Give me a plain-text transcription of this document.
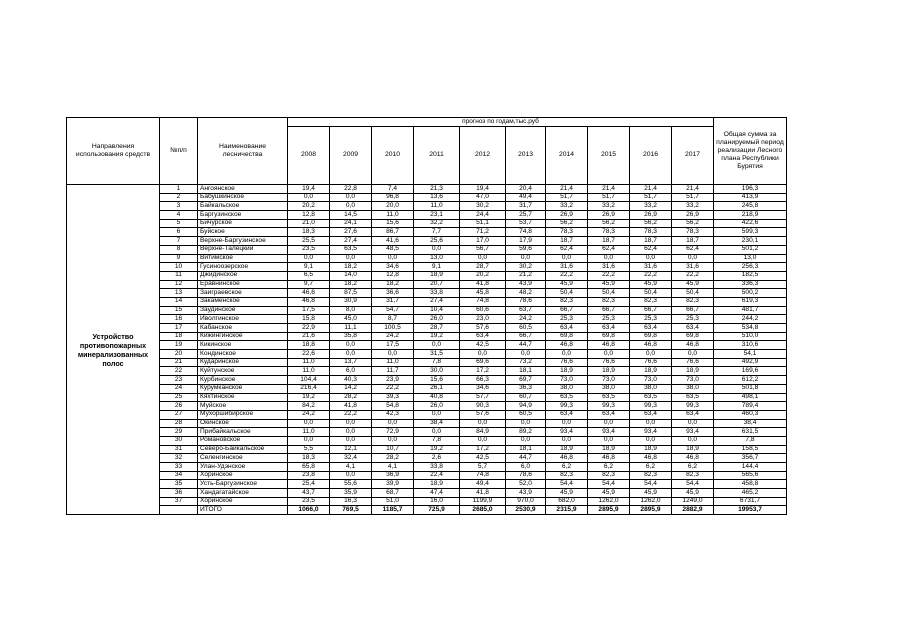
Направления использования средств	№п/п	Наименование лесничества	прогноз по годам,тыс.руб										Общая сумма за планируемый период реализации Лесного плана Республики Бурятия
			2008	2009	2010	2011	2012	2013	2014	2015	2016	2017	
Устройство противопожарных минерализованных полос	1	Ангоянское	19,4	22,8	7,4	21,3	19,4	20,4	21,4	21,4	21,4	21,4	196,3
	2	Бабушкинское	0,0	0,0	96,8	13,6	47,0	49,4	51,7	51,7	51,7	51,7	413,9
	3	Байкальское	20,2	0,0	20,0	11,0	30,2	31,7	33,2	33,2	33,2	33,2	245,8
	4	Баргузинское	12,8	14,5	11,0	23,1	24,4	25,7	26,9	26,9	26,9	26,9	218,9
	5	Бичурское	21,0	24,1	15,6	32,2	51,1	53,7	56,2	56,2	56,2	56,2	422,6
	6	Буйское	18,3	27,6	86,7	7,7	71,2	74,8	78,3	78,3	78,3	78,3	599,3
	7	Верхне-Баргузинское	25,5	27,4	41,6	25,6	17,0	17,9	18,7	18,7	18,7	18,7	230,1
	8	Верхне-Талецкий	23,5	63,5	48,5	0,0	56,7	59,6	62,4	62,4	62,4	62,4	501,2
	9	Витимское	0,0	0,0	0,0	13,0	0,0	0,0	0,0	0,0	0,0	0,0	13,0
	10	Гусиноозерское	9,1	18,2	34,6	9,1	28,7	30,2	31,6	31,6	31,6	31,6	256,3
	11	Джидинское	6,5	14,0	12,8	18,9	20,2	21,2	22,2	22,2	22,2	22,2	182,5
	12	Еравнинское	9,7	18,2	18,2	20,7	41,8	43,9	45,9	45,9	45,9	45,9	336,3
	13	Заиграевское	46,6	87,5	36,6	33,8	45,8	48,2	50,4	50,4	50,4	50,4	500,2
	14	Закаменское	46,8	30,9	31,7	27,4	74,8	78,6	82,3	82,3	82,3	82,3	619,3
	15	Заудинское	17,5	8,0	54,7	10,4	60,6	63,7	66,7	66,7	66,7	66,7	481,7
	16	Иволгинское	15,8	45,0	8,7	26,0	23,0	24,2	25,3	25,3	25,3	25,3	244,2
	17	Кабанское	22,9	11,1	100,5	28,7	57,6	60,5	63,4	63,4	63,4	63,4	534,8
	18	Кижингинское	21,6	35,8	24,2	19,2	63,4	66,7	69,8	69,8	69,8	69,8	510,0
	19	Кикинское	18,8	0,0	17,5	0,0	42,5	44,7	46,8	46,8	46,8	46,8	310,6
	20	Кондинское	22,6	0,0	0,0	31,5	0,0	0,0	0,0	0,0	0,0	0,0	54,1
	21	Кударинское	11,0	13,7	11,0	7,8	69,6	73,2	76,6	76,6	76,6	76,6	492,9
	22	Куйтунское	11,0	6,0	11,7	30,0	17,2	18,1	18,9	18,9	18,9	18,9	169,6
	23	Курбинское	104,4	40,3	23,9	15,6	66,3	69,7	73,0	73,0	73,0	73,0	612,2
	24	Курумканское	216,4	14,2	22,2	26,1	34,6	36,3	38,0	38,0	38,0	38,0	501,8
	25	Кяхтинское	19,2	28,2	39,3	40,8	57,7	60,7	63,5	63,5	63,5	63,5	498,1
	26	Муйское	84,2	41,8	54,8	26,0	90,3	94,9	99,3	99,3	99,3	99,3	789,4
	27	Мухоршибирское	24,2	22,2	42,3	0,0	57,6	60,5	63,4	63,4	63,4	63,4	460,3
	28	Окинское	0,0	0,0	0,0	38,4	0,0	0,0	0,0	0,0	0,0	0,0	38,4
	29	Прибайкальское	11,0	0,0	72,9	0,0	84,9	89,2	93,4	93,4	93,4	93,4	631,5
	30	Романовское	0,0	0,0	0,0	7,8	0,0	0,0	0,0	0,0	0,0	0,0	7,8
	31	Северо-Байкальское	5,5	12,1	10,7	19,2	17,2	18,1	18,9	18,9	18,9	18,9	158,5
	32	Селенгинское	18,3	32,4	28,2	2,6	42,5	44,7	46,8	46,8	46,8	46,8	356,7
	33	Улан-Удэнское	65,8	4,1	4,1	33,8	5,7	6,0	6,2	6,2	6,2	6,2	144,4
	34	Хоринское	23,8	0,0	36,9	22,4	74,8	78,6	82,3	82,3	82,3	82,3	565,6
	35	Усть-Баргузинское	25,4	55,6	39,9	18,9	49,4	52,0	54,4	54,4	54,4	54,4	458,8
	36	Хандагатайское	43,7	35,9	68,7	47,4	41,8	43,9	45,9	45,9	45,9	45,9	465,2
	37	Хоринское	23,5	16,3	51,0	16,0	1199,9	970,0	682,0	1262,0	1262,0	1249,0	6731,7
		ИТОГО	1066,0	769,5	1185,7	725,9	2685,0	2530,9	2315,9	2895,9	2895,9	2882,9	19953,7
